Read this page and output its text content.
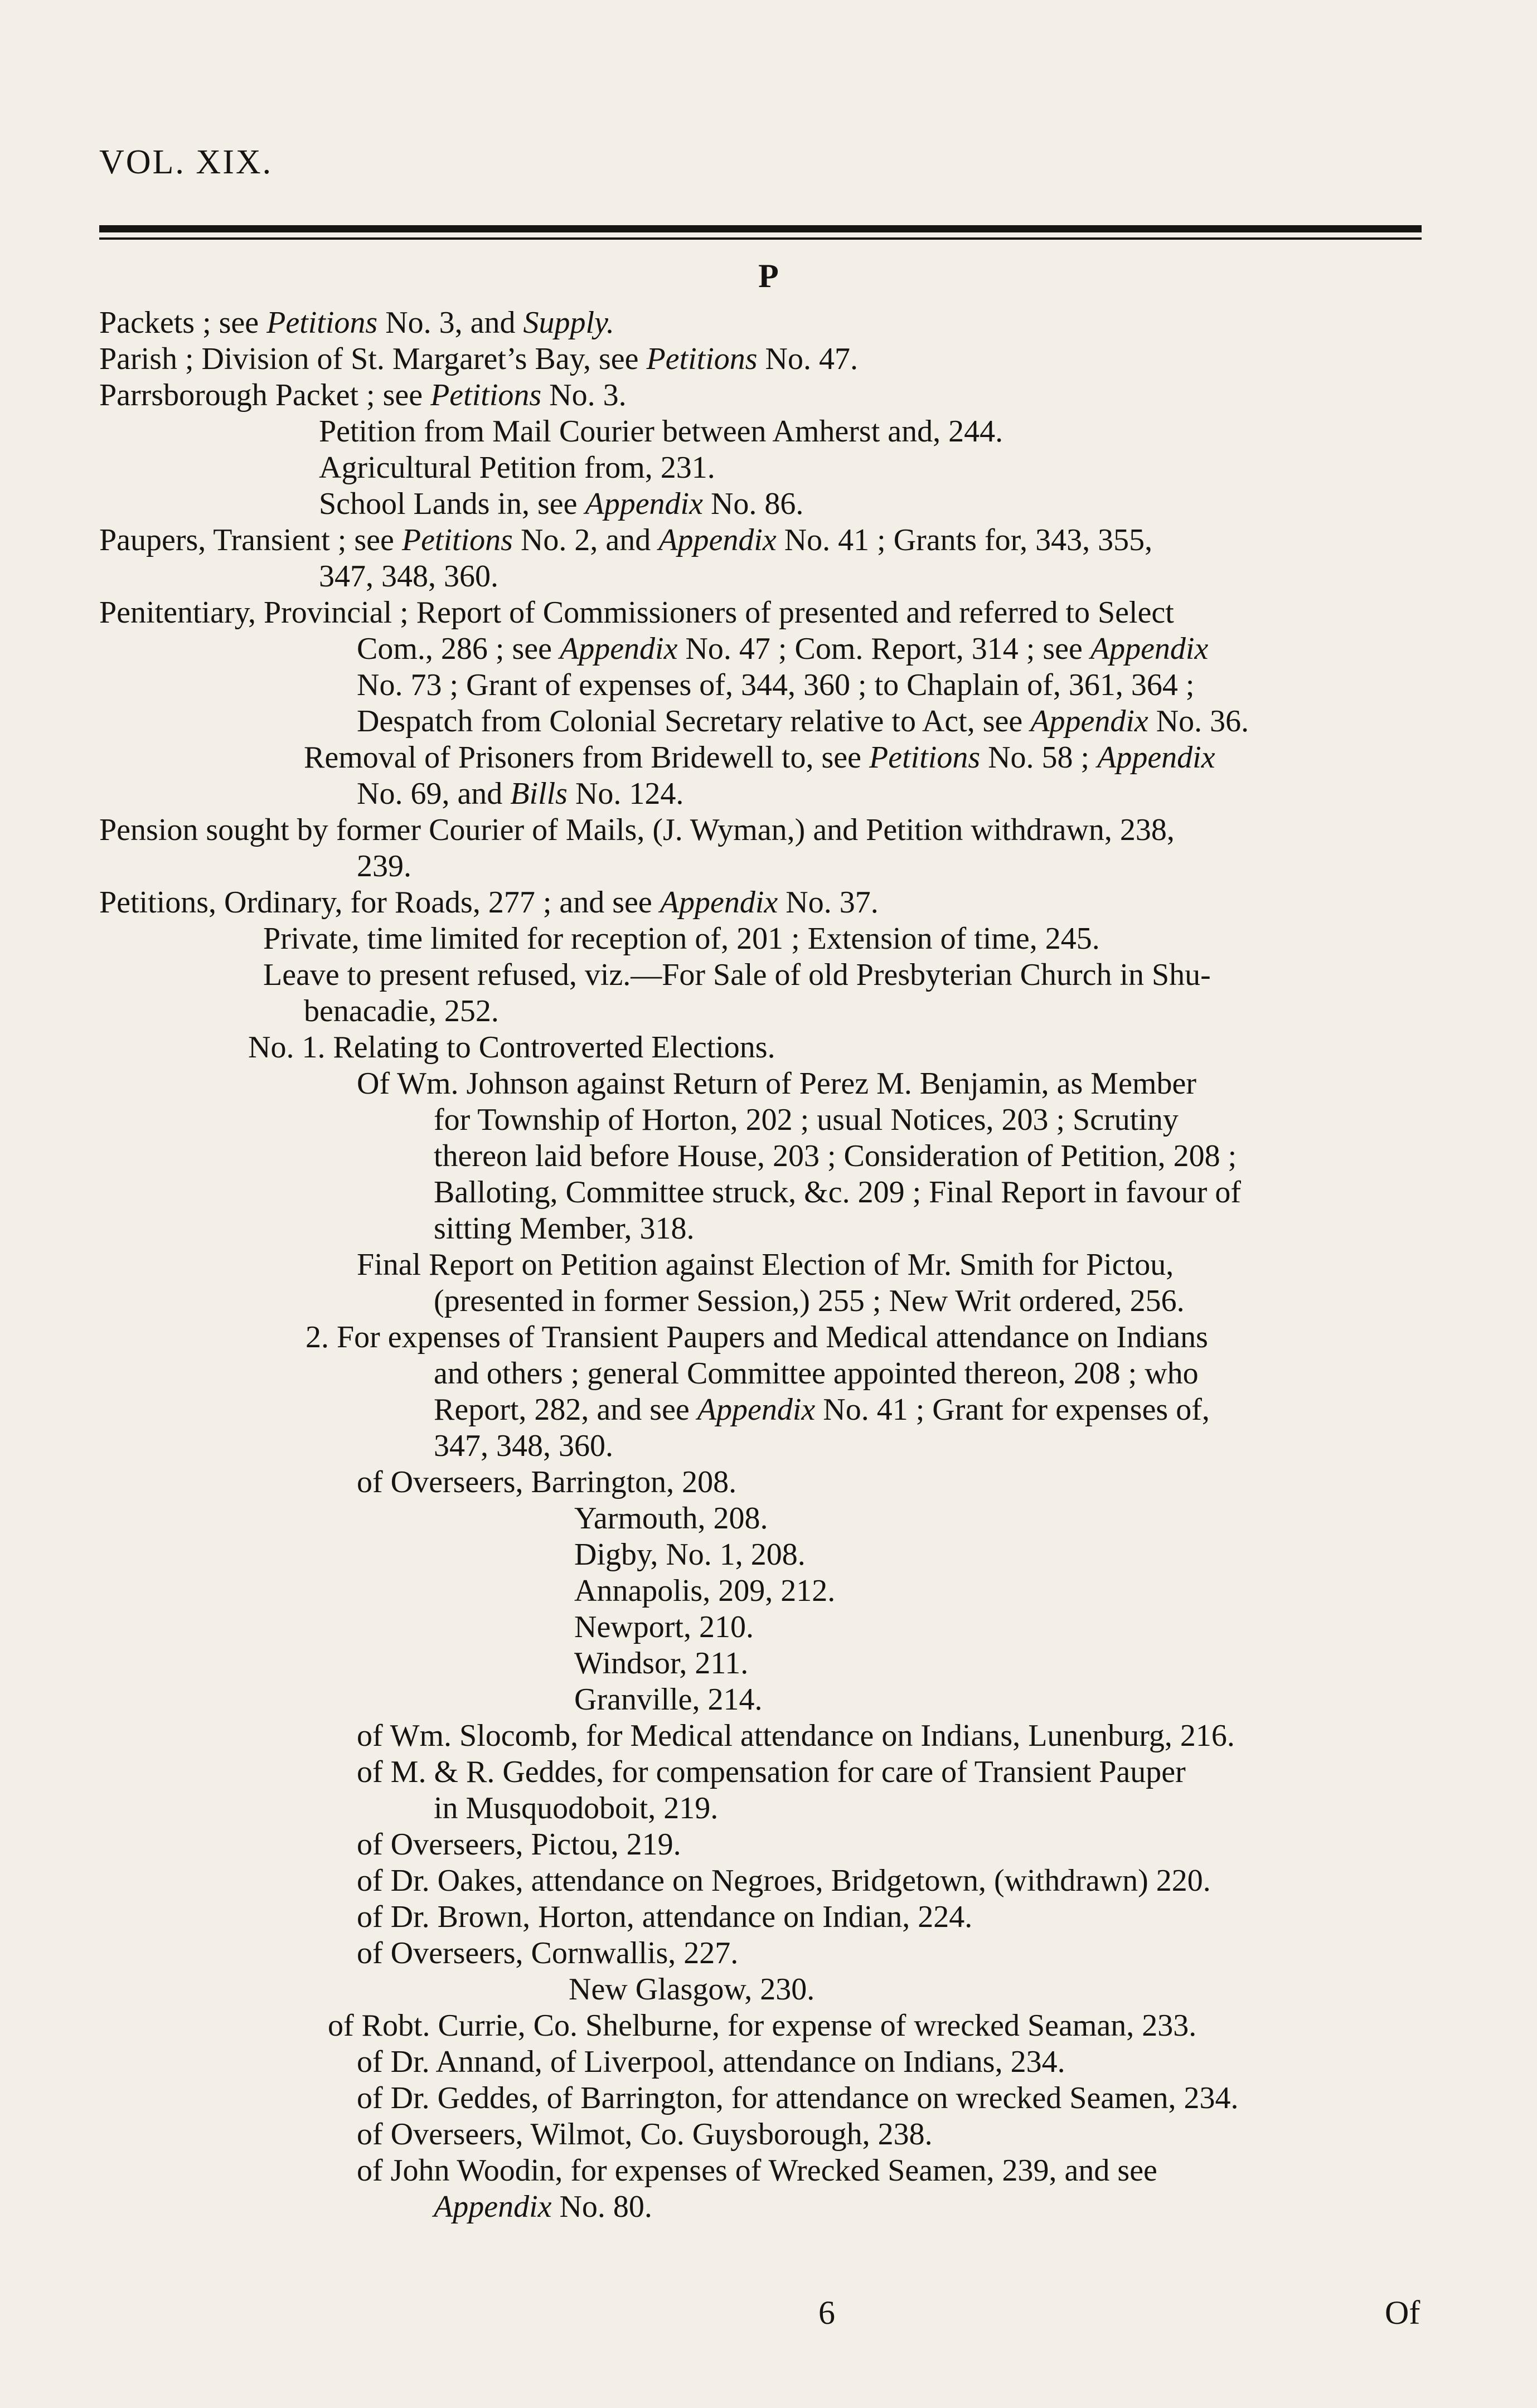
VOL. XIX.
P
Packets ; see Petitions No. 3, and Supply.
Parish ; Division of St. Margaret’s Bay, see Petitions No. 47.
Parrsborough Packet ; see Petitions No. 3.
Petition from Mail Courier between Amherst and, 244.
Agricultural Petition from, 231.
School Lands in, see Appendix No. 86.
Paupers, Transient ; see Petitions No. 2, and Appendix No. 41 ; Grants for, 343, 355,
347, 348, 360.
Penitentiary, Provincial ; Report of Commissioners of presented and referred to Select
Com., 286 ; see Appendix No. 47 ; Com. Report, 314 ; see Appendix
No. 73 ; Grant of expenses of, 344, 360 ; to Chaplain of, 361, 364 ;
Despatch from Colonial Secretary relative to Act, see Appendix No. 36.
Removal of Prisoners from Bridewell to, see Petitions No. 58 ; Appendix
No. 69, and Bills No. 124.
Pension sought by former Courier of Mails, (J. Wyman,) and Petition withdrawn, 238,
239.
Petitions, Ordinary, for Roads, 277 ; and see Appendix No. 37.
Private, time limited for reception of, 201 ; Extension of time, 245.
Leave to present refused, viz.—For Sale of old Presbyterian Church in Shu-
benacadie, 252.
No. 1. Relating to Controverted Elections.
Of Wm. Johnson against Return of Perez M. Benjamin, as Member
for Township of Horton, 202 ; usual Notices, 203 ; Scrutiny
thereon laid before House, 203 ; Consideration of Petition, 208 ;
Balloting, Committee struck, &c. 209 ; Final Report in favour of
sitting Member, 318.
Final Report on Petition against Election of Mr. Smith for Pictou,
(presented in former Session,) 255 ; New Writ ordered, 256.
2. For expenses of Transient Paupers and Medical attendance on Indians
and others ; general Committee appointed thereon, 208 ; who
Report, 282, and see Appendix No. 41 ; Grant for expenses of,
347, 348, 360.
of Overseers, Barrington, 208.
Yarmouth, 208.
Digby, No. 1, 208.
Annapolis, 209, 212.
Newport, 210.
Windsor, 211.
Granville, 214.
of Wm. Slocomb, for Medical attendance on Indians, Lunenburg, 216.
of M. & R. Geddes, for compensation for care of Transient Pauper
in Musquodoboit, 219.
of Overseers, Pictou, 219.
of Dr. Oakes, attendance on Negroes, Bridgetown, (withdrawn) 220.
of Dr. Brown, Horton, attendance on Indian, 224.
of Overseers, Cornwallis, 227.
New Glasgow, 230.
of Robt. Currie, Co. Shelburne, for expense of wrecked Seaman, 233.
of Dr. Annand, of Liverpool, attendance on Indians, 234.
of Dr. Geddes, of Barrington, for attendance on wrecked Seamen, 234.
of Overseers, Wilmot, Co. Guysborough, 238.
of John Woodin, for expenses of Wrecked Seamen, 239, and see
Appendix No. 80.
6	Of
